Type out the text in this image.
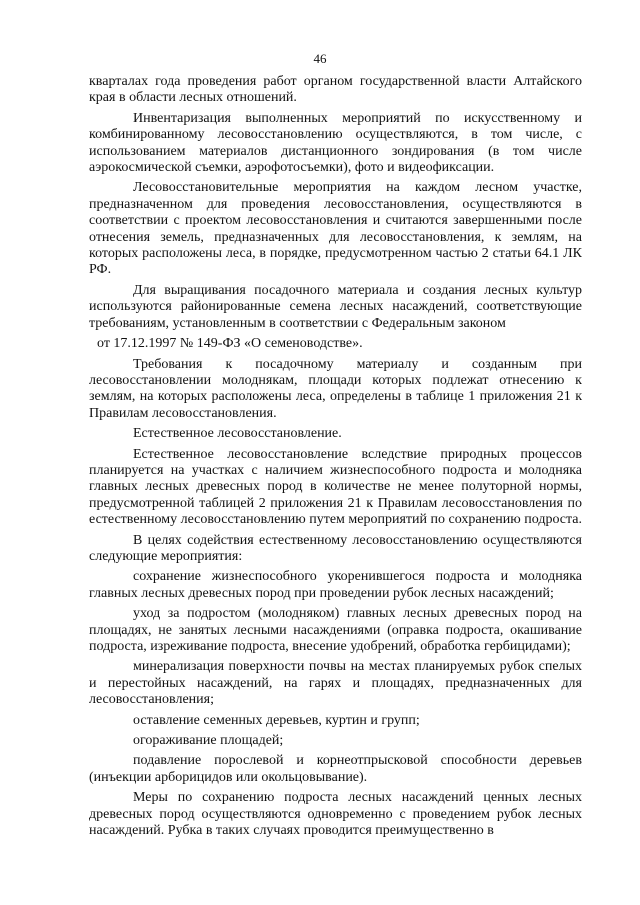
46

кварталах года проведения работ органом государственной власти Алтайского края в области лесных отношений.

Инвентаризация выполненных мероприятий по искусственному и комбинированному лесовосстановлению осуществляются, в том числе, с использованием материалов дистанционного зондирования (в том числе аэрокосмической съемки, аэрофотосъемки), фото и видеофиксации.

Лесовосстановительные мероприятия на каждом лесном участке, предназначенном для проведения лесовосстановления, осуществляются в соответствии с проектом лесовосстановления и считаются завершенными после отнесения земель, предназначенных для лесовосстановления, к землям, на которых расположены леса, в порядке, предусмотренном частью 2 статьи 64.1 ЛК РФ.

Для выращивания посадочного материала и создания лесных культур используются районированные семена лесных насаждений, соответствующие требованиям, установленным в соответствии с Федеральным законом

от 17.12.1997 № 149-ФЗ «О семеноводстве».

Требования к посадочному материалу и созданным при лесовосстановлении молоднякам, площади которых подлежат отнесению к землям, на которых расположены леса, определены в таблице 1 приложения 21 к Правилам лесовосстановления.

Естественное лесовосстановление.

Естественное лесовосстановление вследствие природных процессов планируется на участках с наличием жизнеспособного подроста и молодняка главных лесных древесных пород в количестве не менее полуторной нормы, предусмотренной таблицей 2 приложения 21 к Правилам лесовосстановления по естественному лесовосстановлению путем мероприятий по сохранению подроста.

В целях содействия естественному лесовосстановлению осуществляются следующие мероприятия:

сохранение жизнеспособного укоренившегося подроста и молодняка главных лесных древесных пород при проведении рубок лесных насаждений;

уход за подростом (молодняком) главных лесных древесных пород на площадях, не занятых лесными насаждениями (оправка подроста, окашивание подроста, изреживание подроста, внесение удобрений, обработка гербицидами);

минерализация поверхности почвы на местах планируемых рубок спелых и перестойных насаждений, на гарях и площадях, предназначенных для лесовосстановления;

оставление семенных деревьев, куртин и групп;

огораживание площадей;

подавление порослевой и корнеотпрысковой способности деревьев (инъекции арборицидов или окольцовывание).

Меры по сохранению подроста лесных насаждений ценных лесных древесных пород осуществляются одновременно с проведением рубок лесных насаждений. Рубка в таких случаях проводится преимущественно в
